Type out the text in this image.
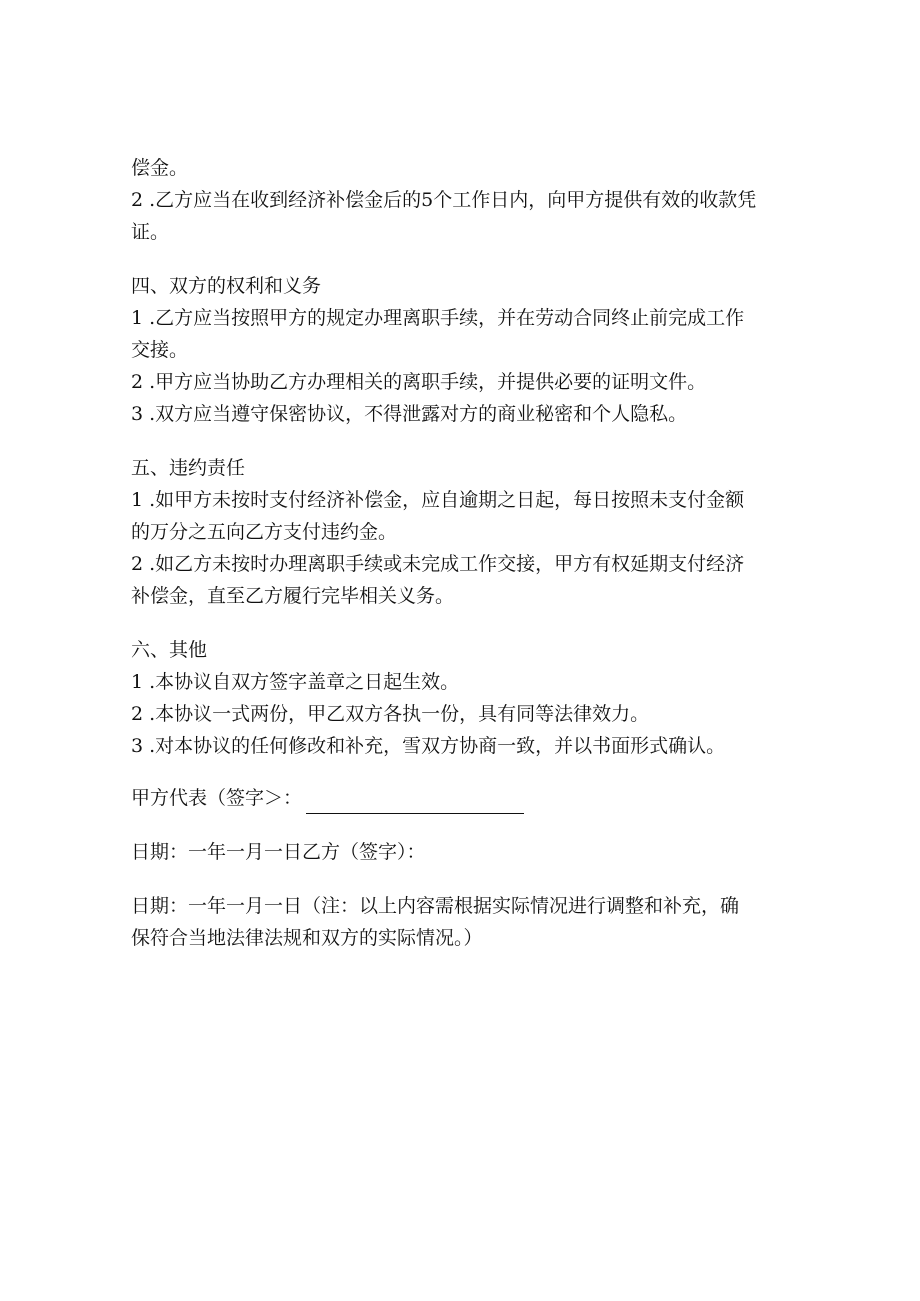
偿金。
2 .乙方应当在收到经济补偿金后的5个工作日内，向甲方提供有效的收款凭
证。
四、双方的权利和义务
1 .乙方应当按照甲方的规定办理离职手续，并在劳动合同终止前完成工作
交接。
2 .甲方应当协助乙方办理相关的离职手续，并提供必要的证明文件。
3 .双方应当遵守保密协议，不得泄露对方的商业秘密和个人隐私。
五、违约责任
1 .如甲方未按时支付经济补偿金，应自逾期之日起，每日按照未支付金额
的万分之五向乙方支付违约金。
2 .如乙方未按时办理离职手续或未完成工作交接，甲方有权延期支付经济
补偿金，直至乙方履行完毕相关义务。
六、其他
1 .本协议自双方签字盖章之日起生效。
2 .本协议一式两份，甲乙双方各执一份，具有同等法律效力。
3 .对本协议的任何修改和补充，雪双方协商一致，并以书面形式确认。
甲方代表（签字＞：
日期：一年一月一日乙方（签字）：
日期：一年一月一日（注：以上内容需根据实际情况进行调整和补充，确
保符合当地法律法规和双方的实际情况。）
